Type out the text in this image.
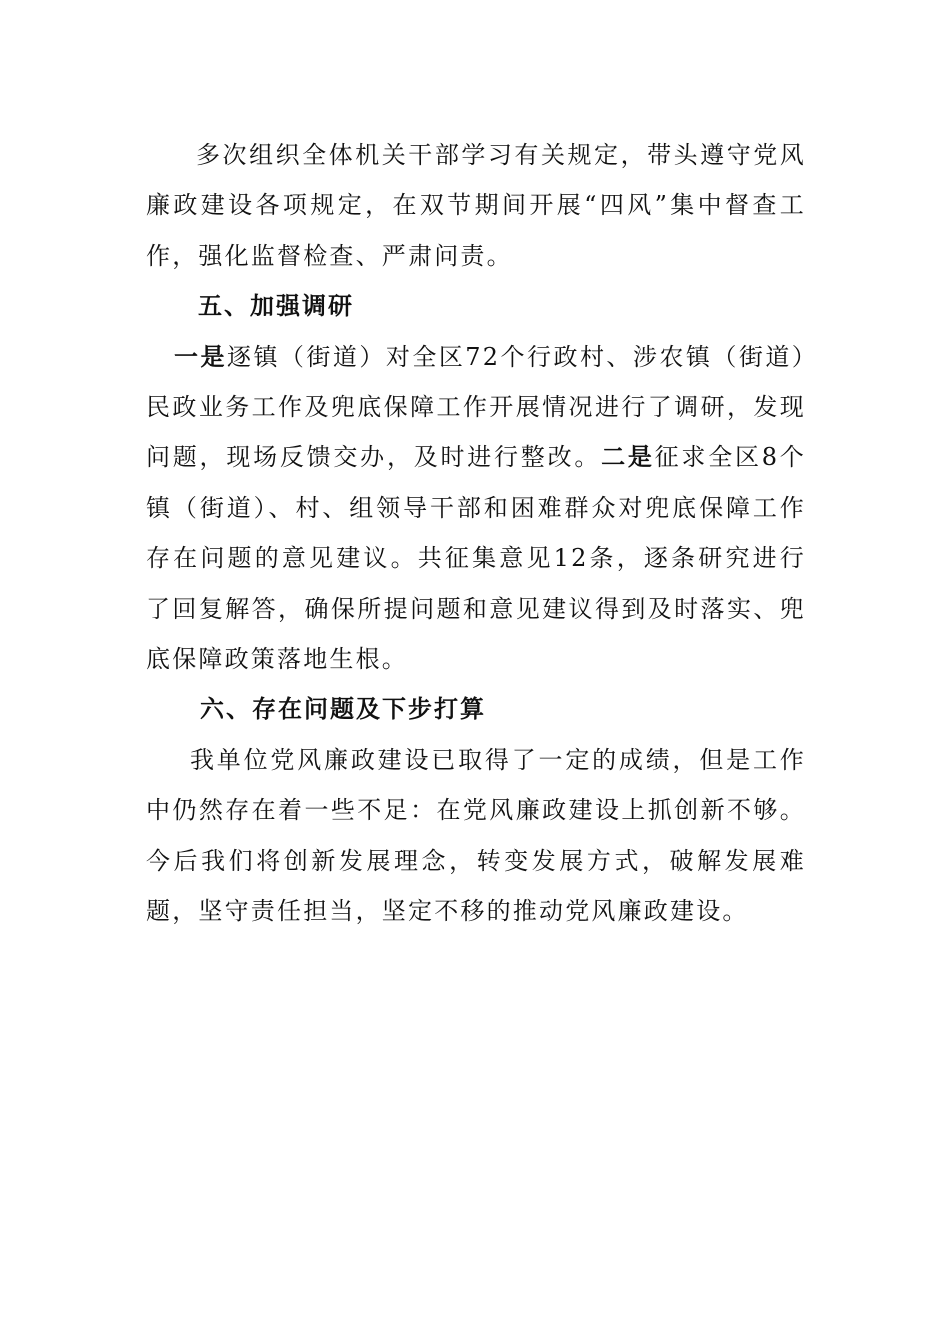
多次组织全体机关干部学习有关规定，带头遵守党风廉政建设各项规定，在双节期间开展“四风”集中督查工作，强化监督检查、严肃问责。

五、加强调研

一是逐镇（街道）对全区72个行政村、涉农镇（街道）民政业务工作及兜底保障工作开展情况进行了调研，发现问题，现场反馈交办，及时进行整改。二是征求全区8个镇（街道）、村、组领导干部和困难群众对兜底保障工作存在问题的意见建议。共征集意见12条，逐条研究进行了回复解答，确保所提问题和意见建议得到及时落实、兜底保障政策落地生根。

六、存在问题及下步打算

我单位党风廉政建设已取得了一定的成绩，但是工作中仍然存在着一些不足：在党风廉政建设上抓创新不够。今后我们将创新发展理念，转变发展方式，破解发展难题，坚守责任担当，坚定不移的推动党风廉政建设。
